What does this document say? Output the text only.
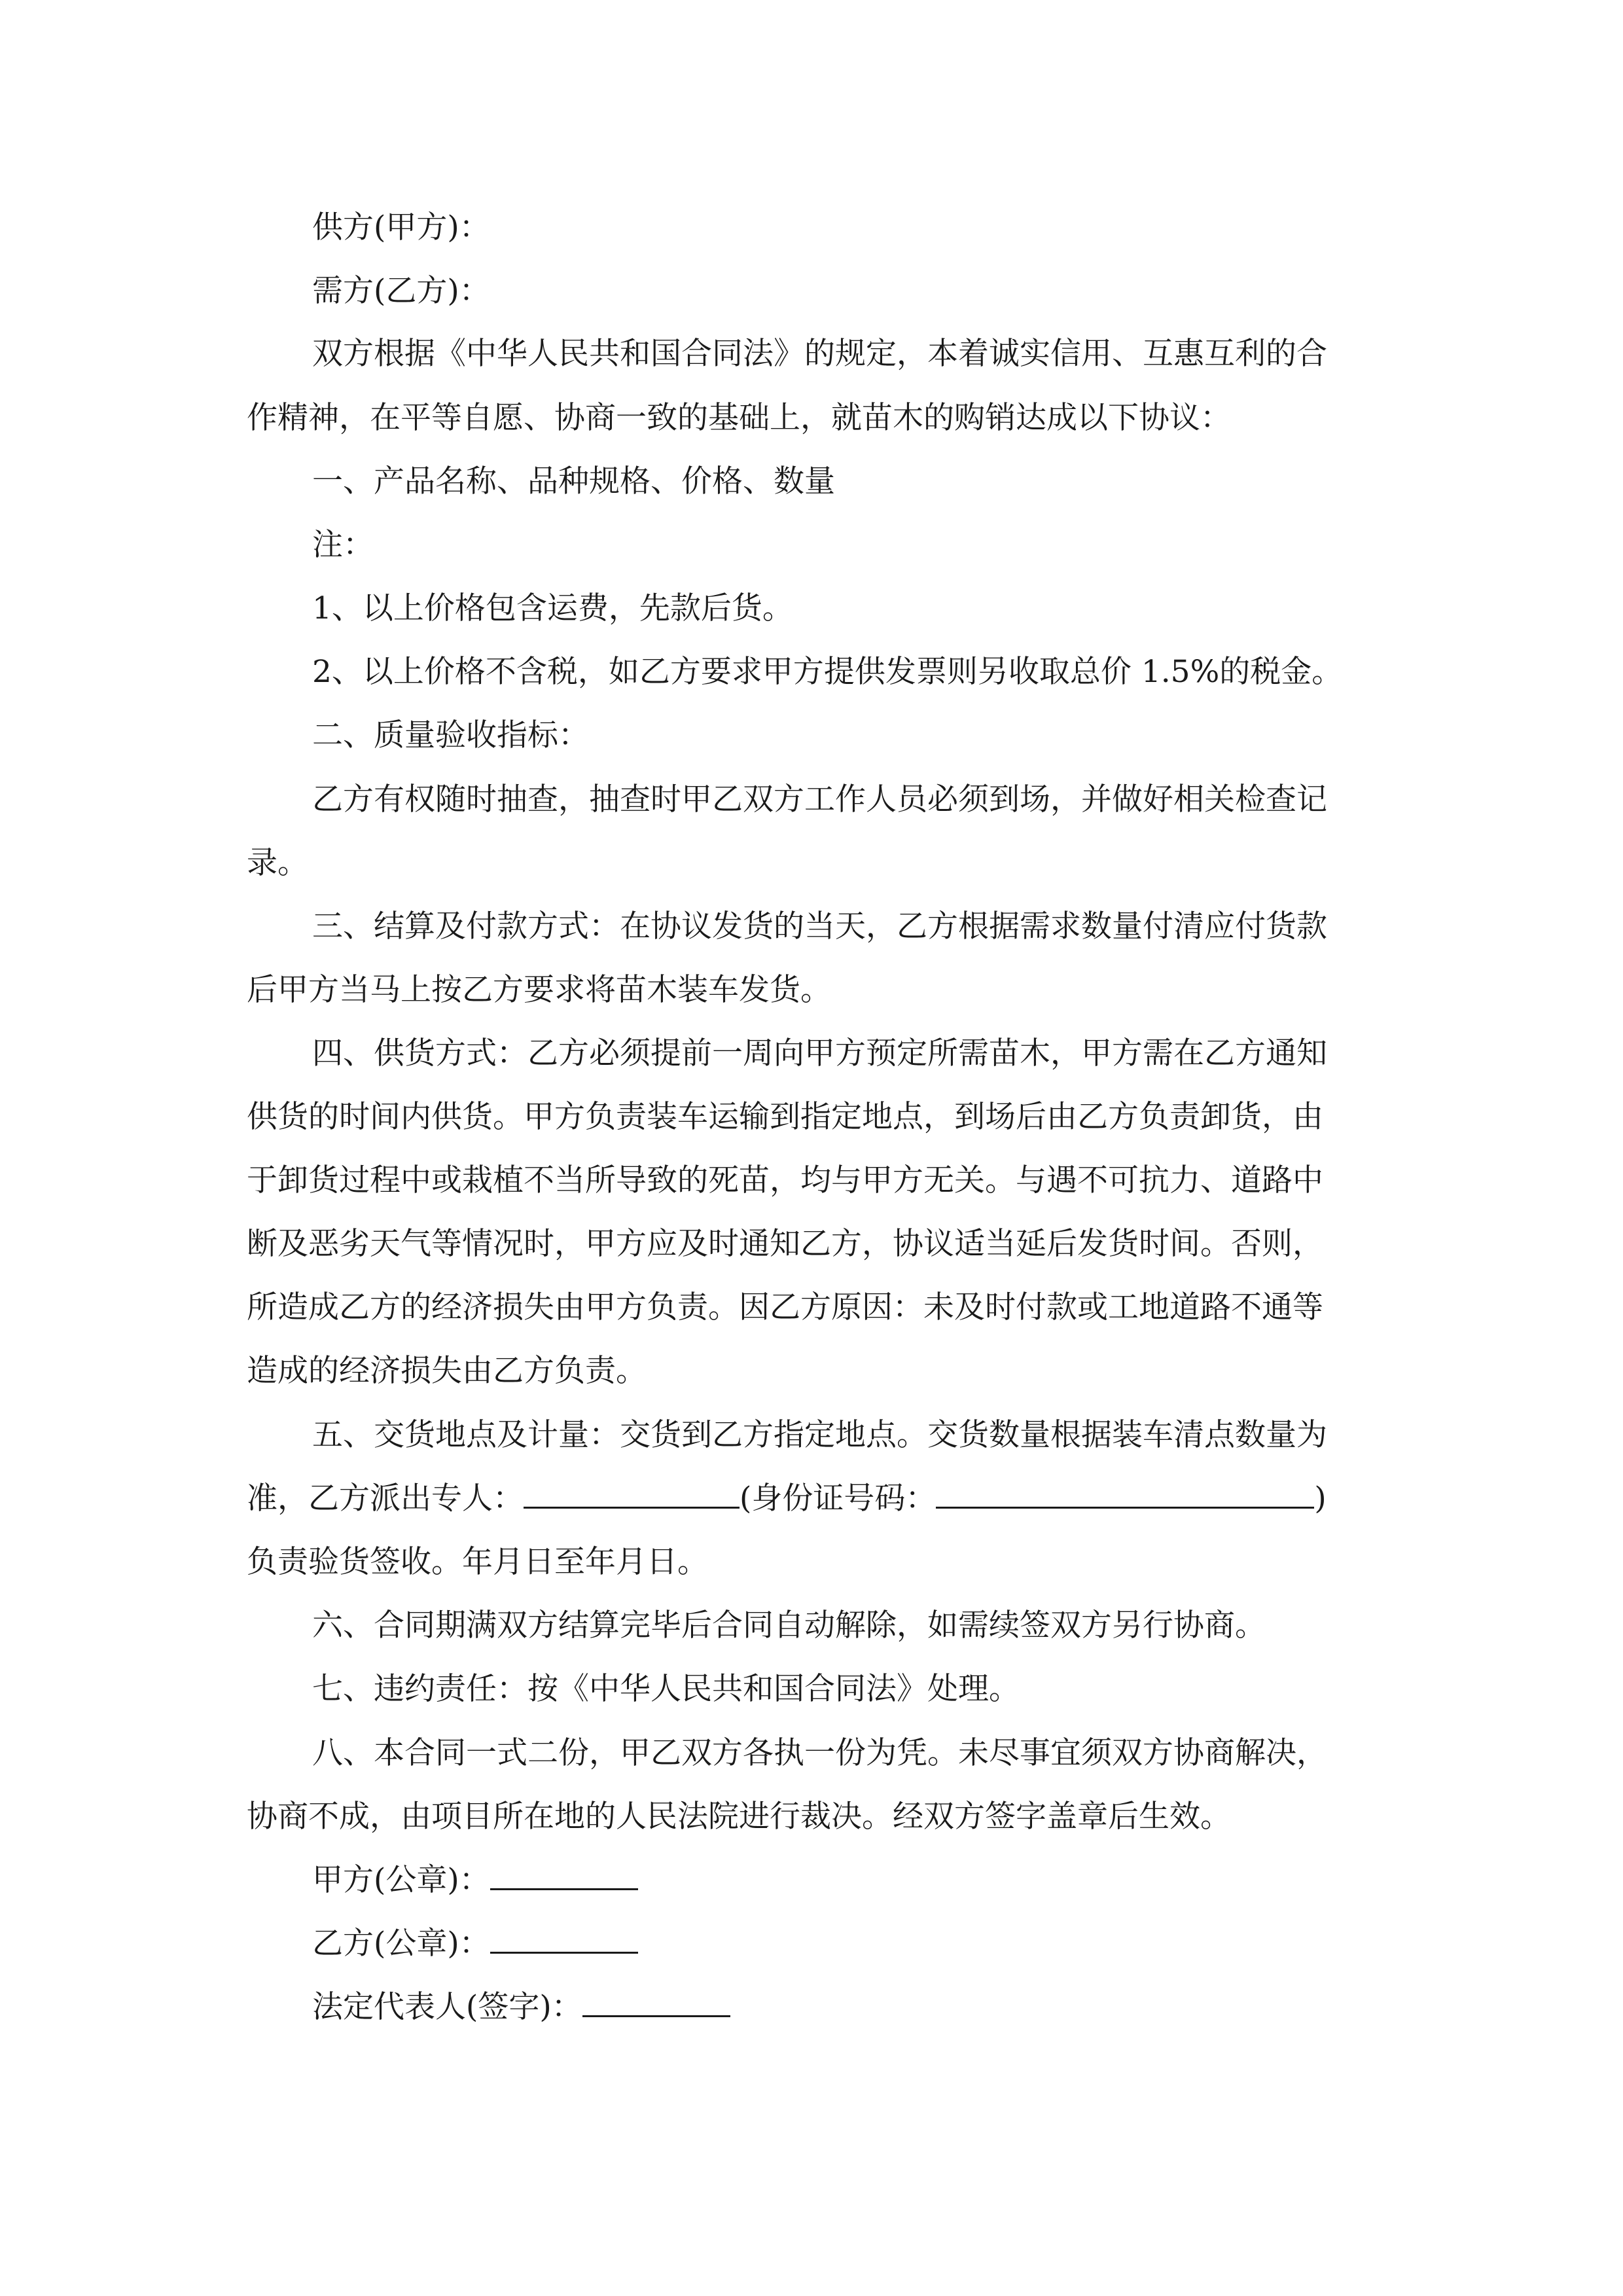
供方(甲方)：

需方(乙方)：

双方根据《中华人民共和国合同法》的规定，本着诚实信用、互惠互利的合

作精神，在平等自愿、协商一致的基础上，就苗木的购销达成以下协议：

一、产品名称、品种规格、价格、数量

注：

1、以上价格包含运费，先款后货。

2、以上价格不含税，如乙方要求甲方提供发票则另收取总价 1.5%的税金。

二、质量验收指标：

乙方有权随时抽查，抽查时甲乙双方工作人员必须到场，并做好相关检查记

录。

三、结算及付款方式：在协议发货的当天，乙方根据需求数量付清应付货款

后甲方当马上按乙方要求将苗木装车发货。

四、供货方式：乙方必须提前一周向甲方预定所需苗木，甲方需在乙方通知

供货的时间内供货。甲方负责装车运输到指定地点，到场后由乙方负责卸货，由

于卸货过程中或栽植不当所导致的死苗，均与甲方无关。与遇不可抗力、道路中

断及恶劣天气等情况时，甲方应及时通知乙方，协议适当延后发货时间。否则，

所造成乙方的经济损失由甲方负责。因乙方原因：未及时付款或工地道路不通等

造成的经济损失由乙方负责。

五、交货地点及计量：交货到乙方指定地点。交货数量根据装车清点数量为

准，乙方派出专人：	(身份证号码：	)

负责验货签收。年月日至年月日。

六、合同期满双方结算完毕后合同自动解除，如需续签双方另行协商。

七、违约责任：按《中华人民共和国合同法》处理。

八、本合同一式二份，甲乙双方各执一份为凭。未尽事宜须双方协商解决，

协商不成，由项目所在地的人民法院进行裁决。经双方签字盖章后生效。

甲方(公章)：

乙方(公章)：

法定代表人(签字)：
